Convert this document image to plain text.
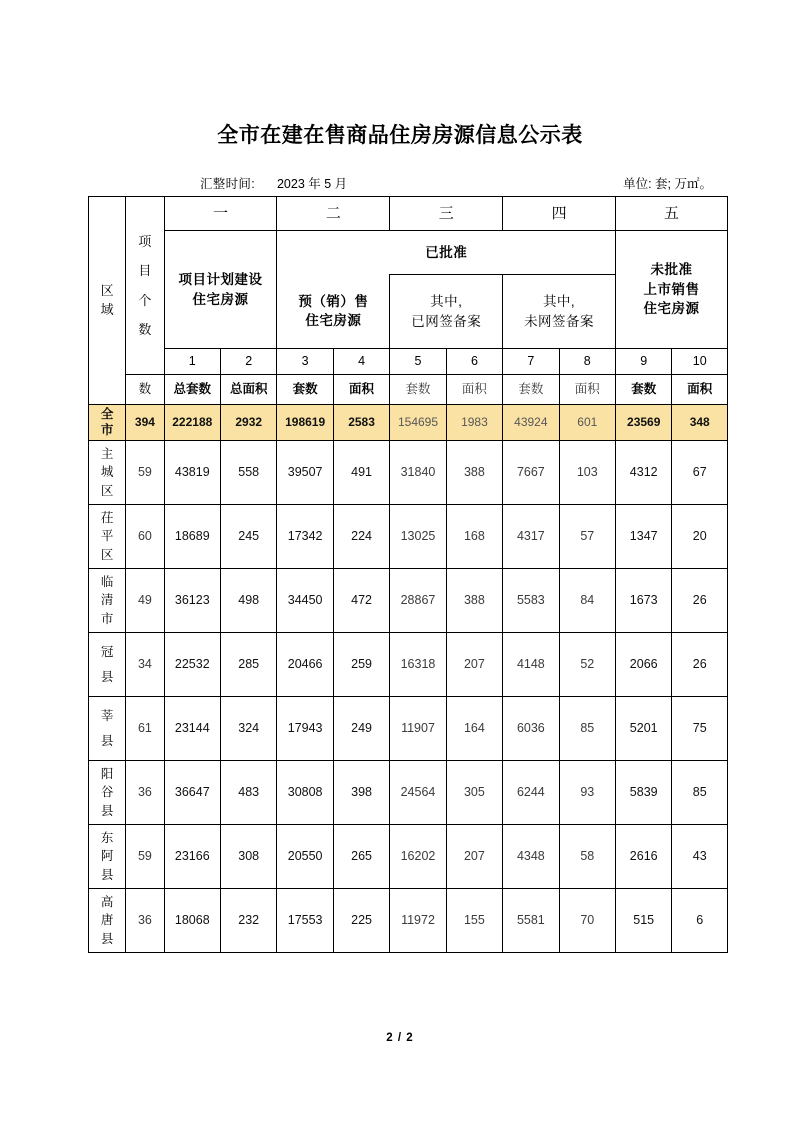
全市在建在售商品住房房源信息公示表
汇整时间: 2023 年 5 月	单位: 套; 万㎡。
区
域	项
目
个
数	一		二		三		四		五	

项目计划建设
住宅房源

已批准

未批准
上市销售
住宅房源

预（销）售
住宅房源

其中,
已网签备案

其中,
未网签备案

		1	2	3	4	5	6	7	8	9	10
	数	总套数	总面积	套数	面积	套数	面积	套数	面积	套数	面积

全
市	394	222188	2932	198619	2583	154695	1983	43924	601	23569	348

主
城
区	59	43819	558	39507	491	31840	388	7667	103	4312	67

茌
平
区	60	18689	245	17342	224	13025	168	4317	57	1347	20

临
清
市	49	36123	498	34450	472	28867	388	5583	84	1673	26

冠
县	34	22532	285	20466	259	16318	207	4148	52	2066	26

莘
县	61	23144	324	17943	249	11907	164	6036	85	5201	75

阳
谷
县	36	36647	483	30808	398	24564	305	6244	93	5839	85

东
阿
县	59	23166	308	20550	265	16202	207	4348	58	2616	43

高
唐
县	36	18068	232	17553	225	11972	155	5581	70	515	6
2 / 2
